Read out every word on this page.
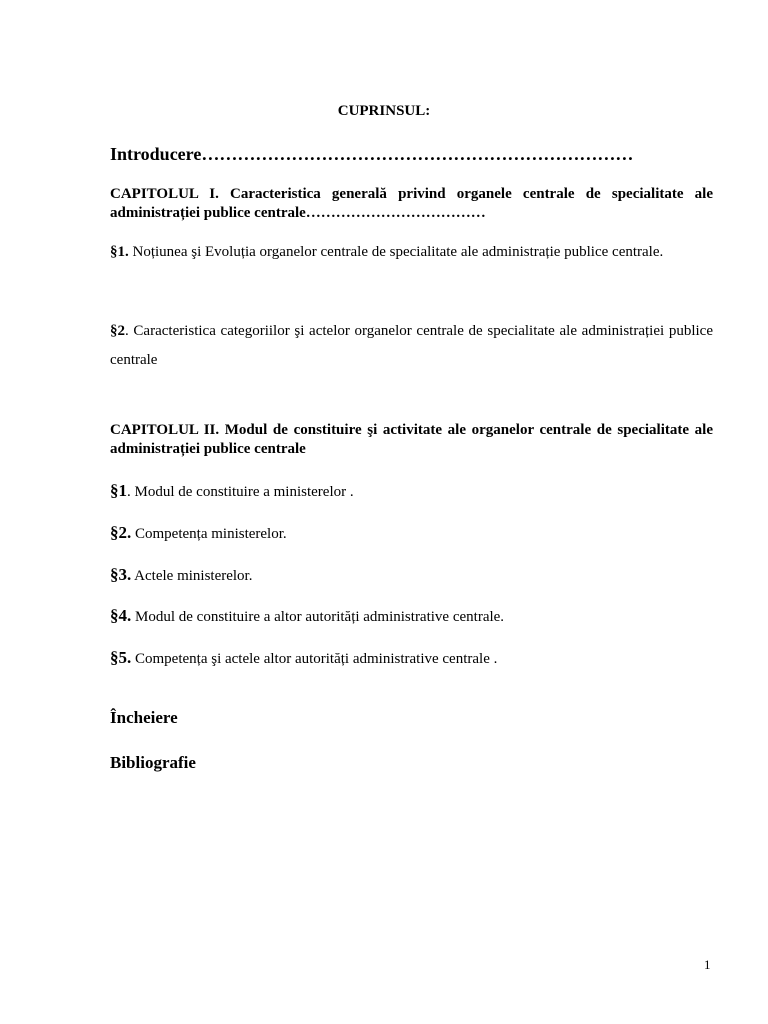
CUPRINSUL:
Introducere………………………………………………………………
CAPITOLUL I. Caracteristica generală privind organele centrale de specialitate ale administrației publice centrale………………………………
§1. Noțiunea şi Evoluția organelor centrale de specialitate ale administrație publice centrale.
§2. Caracteristica categoriilor şi actelor organelor centrale de specialitate ale administrației publice centrale
CAPITOLUL II. Modul de constituire şi activitate ale organelor centrale de specialitate ale administrației publice centrale
§1. Modul de constituire a ministerelor .
§2. Competența ministerelor.
§3. Actele ministerelor.
§4. Modul de constituire a altor autorități administrative centrale.
§5. Competența şi actele altor autorități administrative centrale .
Încheiere
Bibliografie
1
